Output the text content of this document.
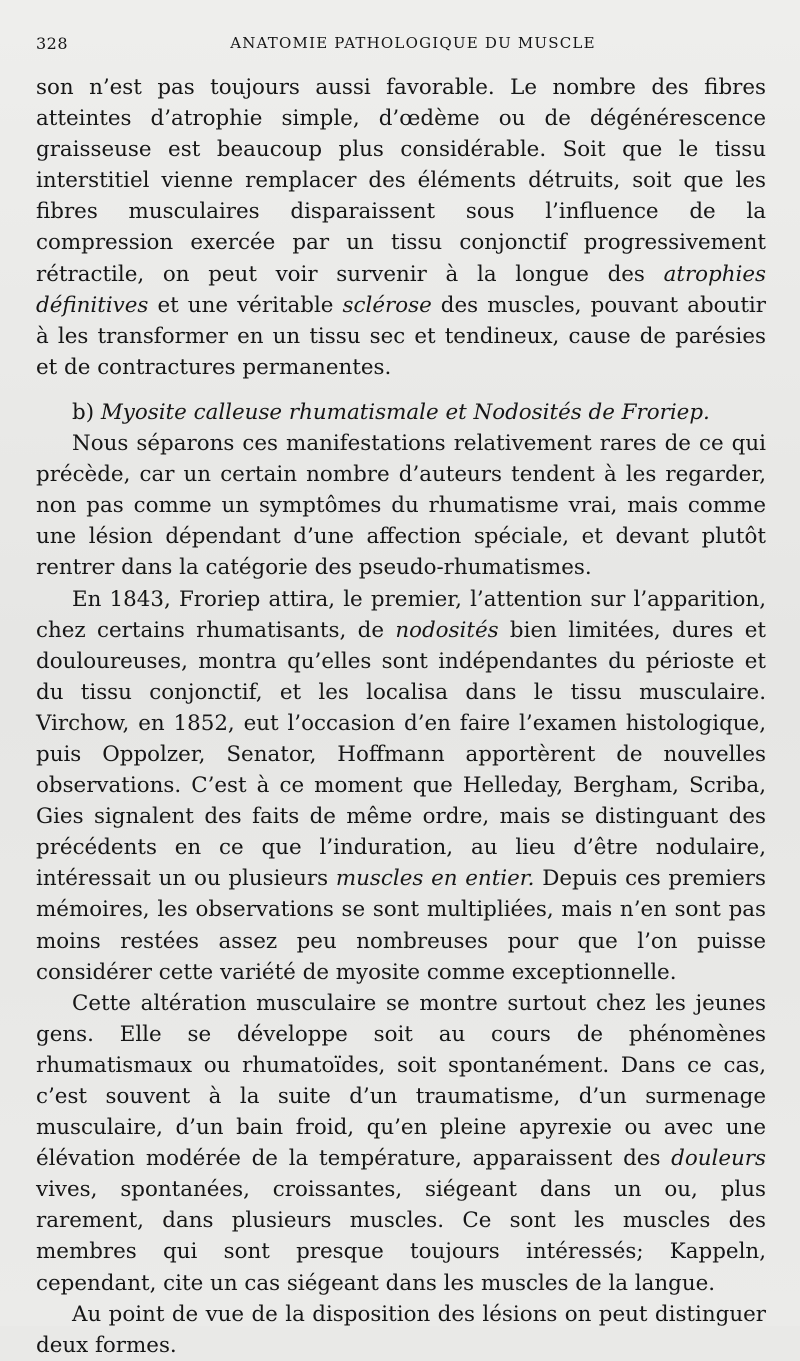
328	ANATOMIE PATHOLOGIQUE DU MUSCLE

son n’est pas toujours aussi favorable. Le nombre des fibres atteintes d’atrophie simple, d’œdème ou de dégénérescence graisseuse est beaucoup plus considérable. Soit que le tissu interstitiel vienne remplacer des éléments détruits, soit que les fibres musculaires disparaissent sous l’influence de la compression exercée par un tissu conjonctif progressivement rétractile, on peut voir survenir à la longue des atrophies définitives et une véritable sclérose des muscles, pouvant aboutir à les transformer en un tissu sec et tendineux, cause de parésies et de contractures permanentes.

b) Myosite calleuse rhumatismale et Nodosités de Froriep.

Nous séparons ces manifestations relativement rares de ce qui précède, car un certain nombre d’auteurs tendent à les regarder, non pas comme un symptômes du rhumatisme vrai, mais comme une lésion dépendant d’une affection spéciale, et devant plutôt rentrer dans la catégorie des pseudo-rhumatismes.

En 1843, Froriep attira, le premier, l’attention sur l’apparition, chez certains rhumatisants, de nodosités bien limitées, dures et douloureuses, montra qu’elles sont indépendantes du périoste et du tissu conjonctif, et les localisa dans le tissu musculaire. Virchow, en 1852, eut l’occasion d’en faire l’examen histologique, puis Oppolzer, Senator, Hoffmann apportèrent de nouvelles observations. C’est à ce moment que Helleday, Bergham, Scriba, Gies signalent des faits de même ordre, mais se distinguant des précédents en ce que l’induration, au lieu d’être nodulaire, intéressait un ou plusieurs muscles en entier. Depuis ces premiers mémoires, les observations se sont multipliées, mais n’en sont pas moins restées assez peu nombreuses pour que l’on puisse considérer cette variété de myosite comme exceptionnelle.

Cette altération musculaire se montre surtout chez les jeunes gens. Elle se développe soit au cours de phénomènes rhumatismaux ou rhumatoïdes, soit spontanément. Dans ce cas, c’est souvent à la suite d’un traumatisme, d’un surmenage musculaire, d’un bain froid, qu’en pleine apyrexie ou avec une élévation modérée de la température, apparaissent des douleurs vives, spontanées, croissantes, siégeant dans un ou, plus rarement, dans plusieurs muscles. Ce sont les muscles des membres qui sont presque toujours intéressés; Kappeln, cependant, cite un cas siégeant dans les muscles de la langue.

Au point de vue de la disposition des lésions on peut distinguer deux formes.
